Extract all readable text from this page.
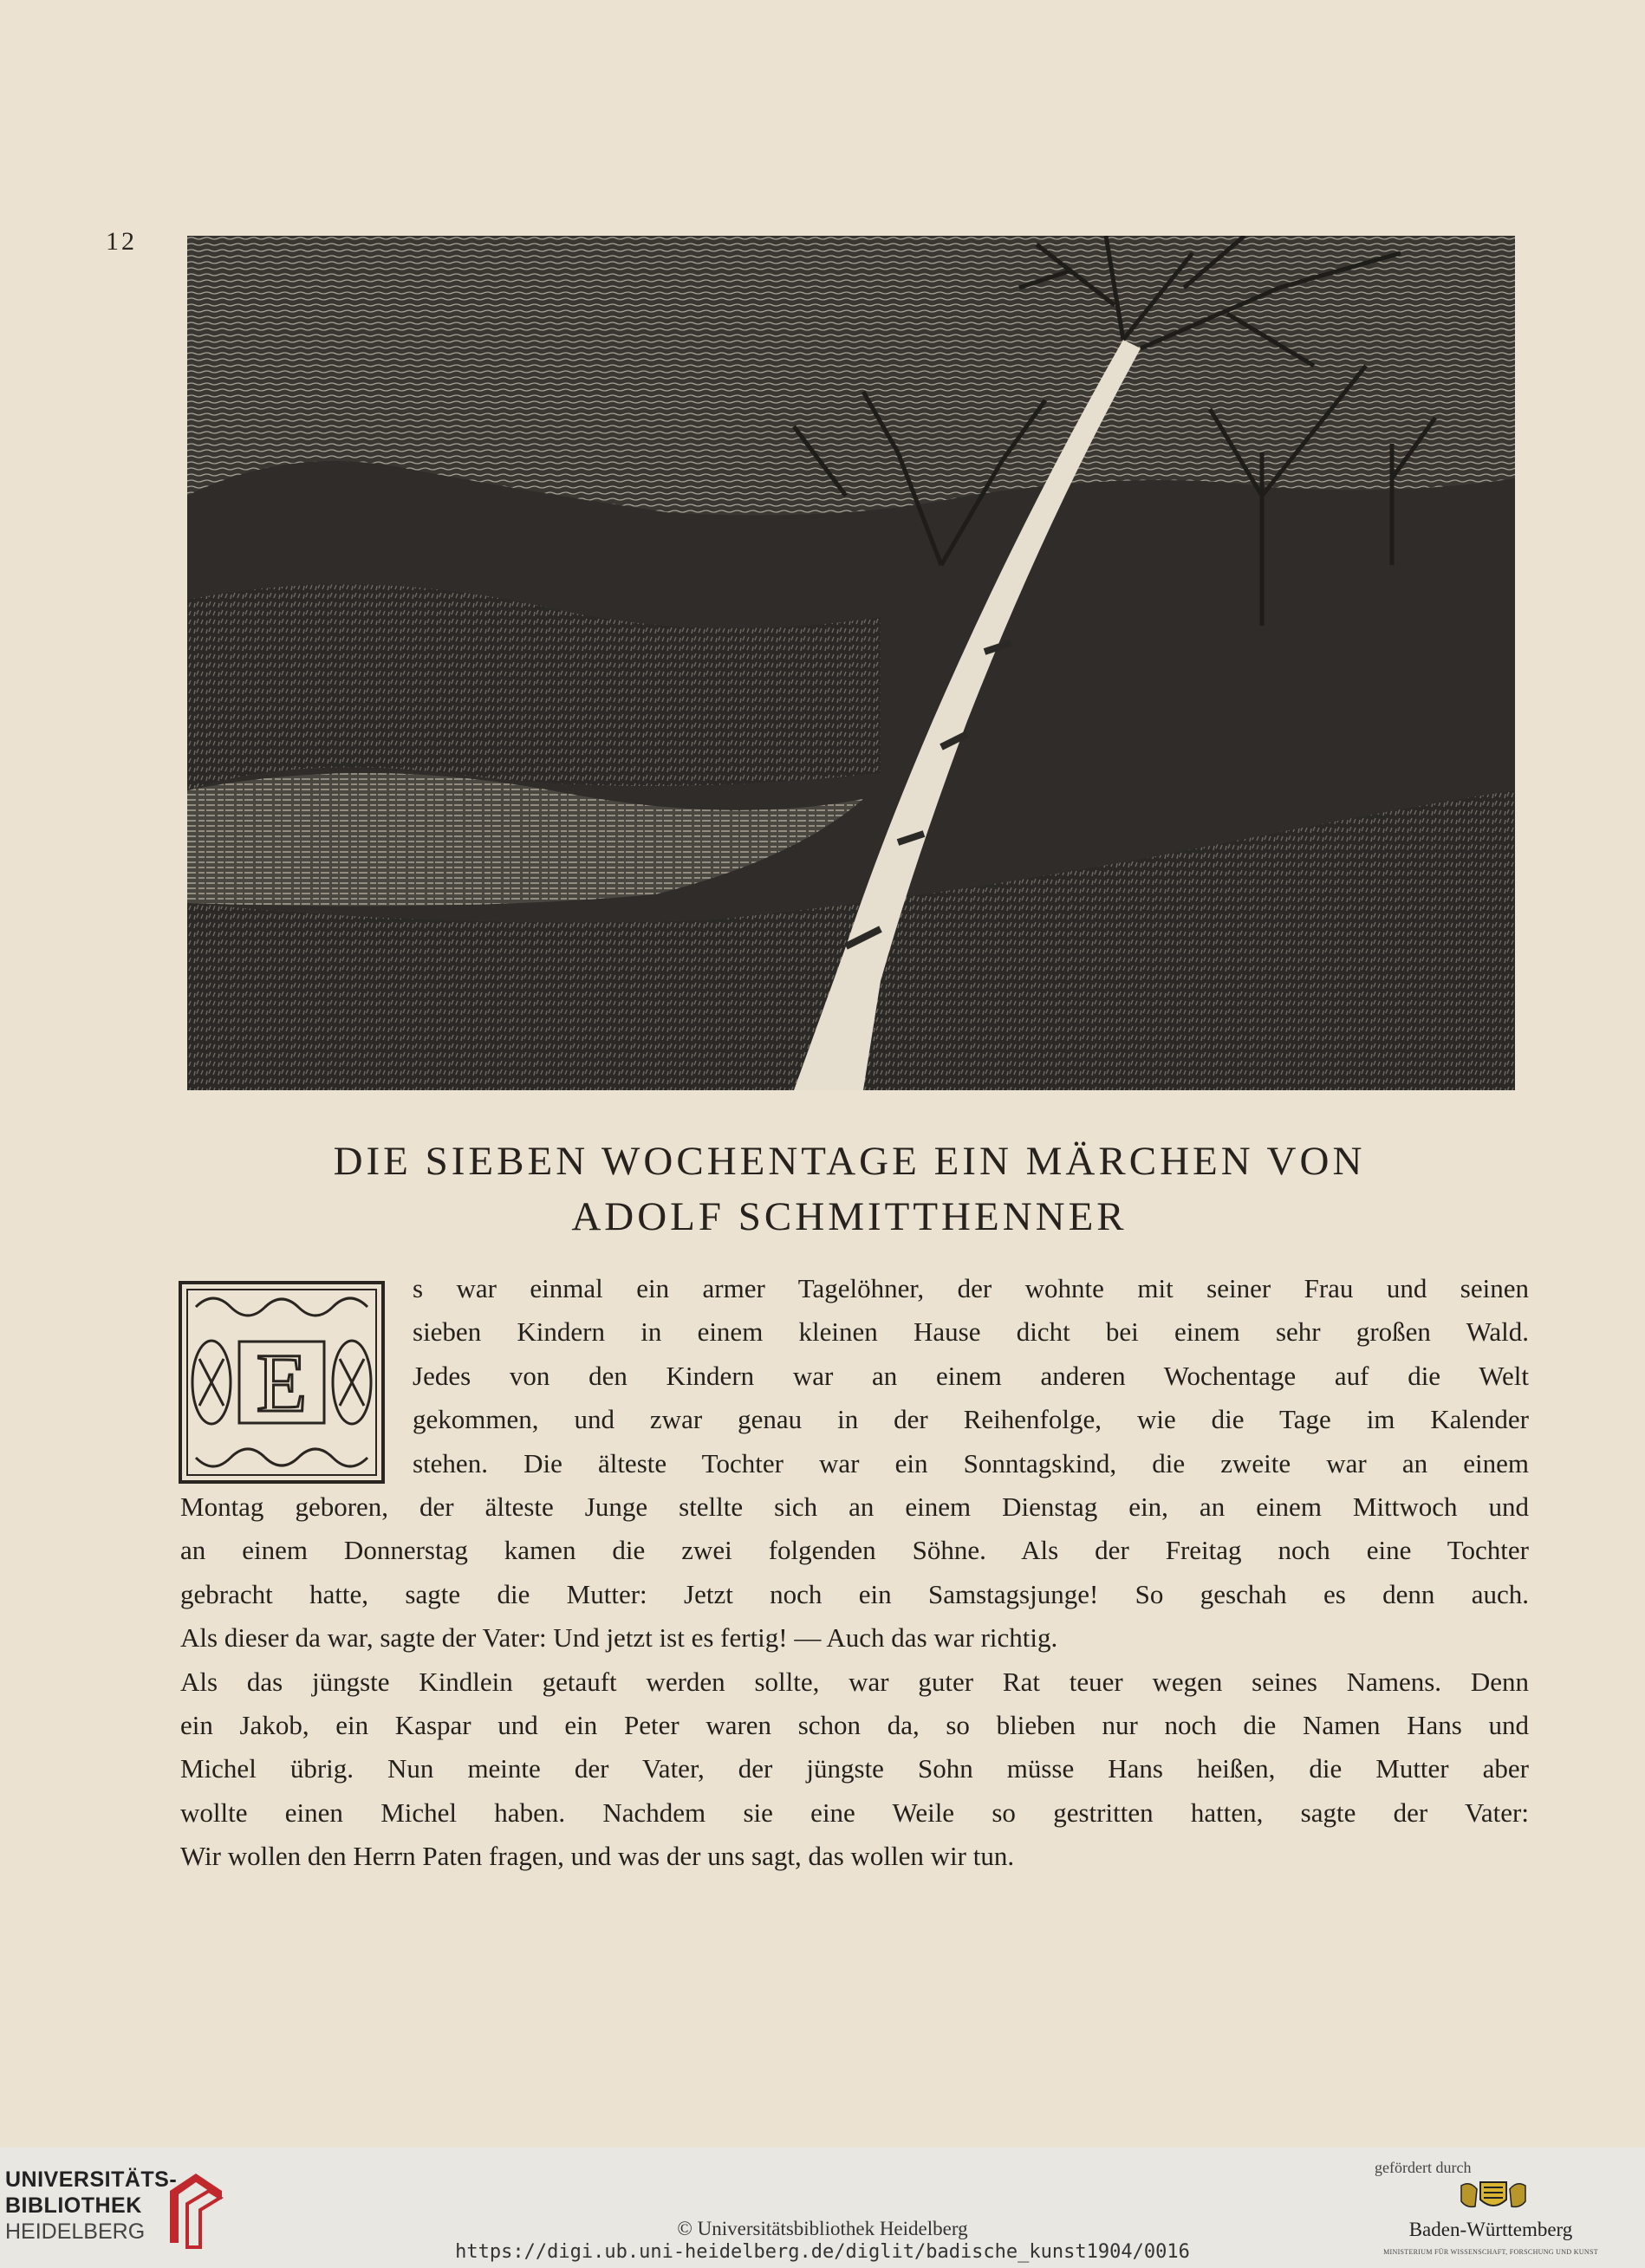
12
DIE SIEBEN WOCHENTAGE EIN MÄRCHEN VON
ADOLF SCHMITTHENNER
E
s war einmal ein armer Tagelöhner, der wohnte mit seiner Frau und seinen
sieben Kindern in einem kleinen Hause dicht bei einem sehr großen Wald.
Jedes von den Kindern war an einem anderen Wochentage auf die Welt
gekommen, und zwar genau in der Reihenfolge, wie die Tage im Kalender
stehen. Die älteste Tochter war ein Sonntagskind, die zweite war an einem
Montag geboren, der älteste Junge stellte sich an einem Dienstag ein, an einem Mittwoch und
an einem Donnerstag kamen die zwei folgenden Söhne. Als der Freitag noch eine Tochter
gebracht hatte, sagte die Mutter: Jetzt noch ein Samstagsjunge! So geschah es denn auch.
Als dieser da war, sagte der Vater: Und jetzt ist es fertig! — Auch das war richtig.
Als das jüngste Kindlein getauft werden sollte, war guter Rat teuer wegen seines Namens. Denn
ein Jakob, ein Kaspar und ein Peter waren schon da, so blieben nur noch die Namen Hans und
Michel übrig. Nun meinte der Vater, der jüngste Sohn müsse Hans heißen, die Mutter aber
wollte einen Michel haben. Nachdem sie eine Weile so gestritten hatten, sagte der Vater:
Wir wollen den Herrn Paten fragen, und was der uns sagt, das wollen wir tun.
UNIVERSITÄTS-
BIBLIOTHEK
HEIDELBERG	© Universitätsbibliothek Heidelberg
https://digi.ub.uni-heidelberg.de/diglit/badische_kunst1904/0016
gefördert durch
Baden-Württemberg
MINISTERIUM FÜR WISSENSCHAFT, FORSCHUNG UND KUNST
